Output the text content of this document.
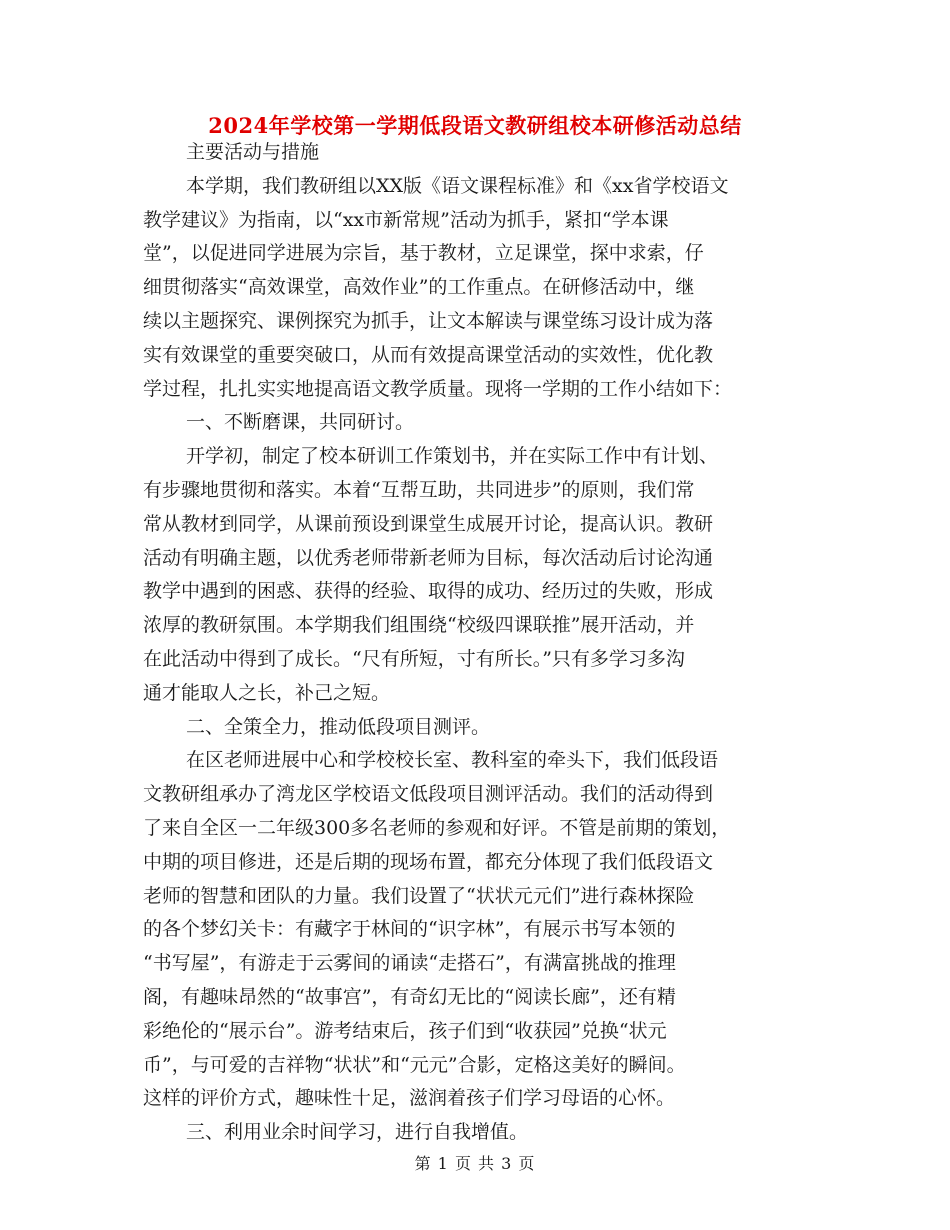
2024年学校第一学期低段语文教研组校本研修活动总结
主要活动与措施
本学期，我们教研组以XX版《语文课程标准》和《xx省学校语文
教学建议》为指南，以“xx市新常规”活动为抓手，紧扣“学本课
堂”，以促进同学进展为宗旨，基于教材，立足课堂，探中求索，仔
细贯彻落实“高效课堂，高效作业”的工作重点。在研修活动中，继
续以主题探究、课例探究为抓手，让文本解读与课堂练习设计成为落
实有效课堂的重要突破口，从而有效提高课堂活动的实效性，优化教
学过程，扎扎实实地提高语文教学质量。现将一学期的工作小结如下：
一、不断磨课，共同研讨。
开学初，制定了校本研训工作策划书，并在实际工作中有计划、
有步骤地贯彻和落实。本着“互帮互助，共同进步”的原则，我们常
常从教材到同学，从课前预设到课堂生成展开讨论，提高认识。教研
活动有明确主题，以优秀老师带新老师为目标，每次活动后讨论沟通
教学中遇到的困惑、获得的经验、取得的成功、经历过的失败，形成
浓厚的教研氛围。本学期我们组围绕“校级四课联推”展开活动，并
在此活动中得到了成长。“尺有所短，寸有所长。”只有多学习多沟
通才能取人之长，补己之短。
二、全策全力，推动低段项目测评。
在区老师进展中心和学校校长室、教科室的牵头下，我们低段语
文教研组承办了湾龙区学校语文低段项目测评活动。我们的活动得到
了来自全区一二年级300多名老师的参观和好评。不管是前期的策划，
中期的项目修进，还是后期的现场布置，都充分体现了我们低段语文
老师的智慧和团队的力量。我们设置了“状状元元们”进行森林探险
的各个梦幻关卡：有藏字于林间的“识字林”，有展示书写本领的
“书写屋”，有游走于云雾间的诵读“走搭石”，有满富挑战的推理
阁，有趣味昂然的“故事宫”，有奇幻无比的“阅读长廊”，还有精
彩绝伦的“展示台”。游考结束后，孩子们到“收获园”兑换“状元
币”，与可爱的吉祥物“状状”和“元元”合影，定格这美好的瞬间。
这样的评价方式，趣味性十足，滋润着孩子们学习母语的心怀。
三、利用业余时间学习，进行自我增值。
第 1 页 共 3 页
